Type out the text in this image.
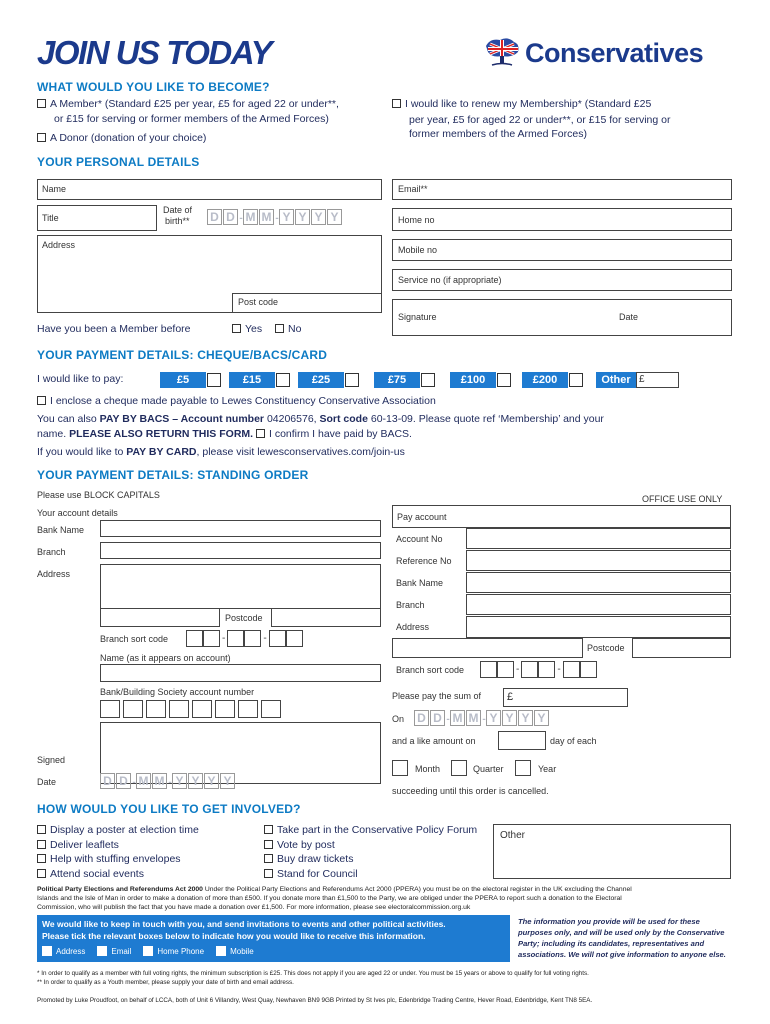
JOIN US TODAY	Conservatives
WHAT WOULD YOU LIKE TO BECOME?
A Member* (Standard £25 per year, £5 for aged 22 or under**,
or £15 for serving or former members of the Armed Forces)
A Donor (donation of your choice)
I would like to renew my Membership* (Standard £25
per year, £5 for aged 22 or under**, or £15 for serving or
former members of the Armed Forces)
YOUR PERSONAL DETAILS
Name
Title
Date of
birth** D D - M M - Y Y Y Y
Address
Post code
Have you been a Member before	Yes	No
Email**
Home no
Mobile no
Service no (if appropriate)
Signature	Date
YOUR PAYMENT DETAILS: CHEQUE/BACS/CARD
I would like to pay:	£5	£15	£25	£75	£100	£200	Other £
I enclose a cheque made payable to Lewes Constituency Conservative Association
You can also PAY BY BACS – Account number 04206576, Sort code 60-13-09. Please quote ref ‘Membership’ and your
name. PLEASE ALSO RETURN THIS FORM. I confirm I have paid by BACS.
If you would like to PAY BY CARD, please visit lewesconservatives.com/join-us
YOUR PAYMENT DETAILS: STANDING ORDER
Please use BLOCK CAPITALS
Your account details
Bank Name
Branch
Address
Postcode
Branch sort code	-	-
Name (as it appears on account)
Bank/Building Society account number
Signed
Date	D D - M M - Y Y Y Y
OFFICE USE ONLY
Pay account
Account No
Reference No
Bank Name
Branch
Address
Postcode
Branch sort code	-	-
Please pay the sum of £
On D D - M M - Y Y Y Y
and a like amount on	day of each
Month	Quarter	Year
succeeding until this order is cancelled.
HOW WOULD YOU LIKE TO GET INVOLVED?
Display a poster at election time
Deliver leaflets
Help with stuffing envelopes
Attend social events
Take part in the Conservative Policy Forum
Vote by post
Buy draw tickets
Stand for Council
Other
Political Party Elections and Referendums Act 2000 Under the Political Party Elections and Referendums Act 2000 (PPERA) you must be on the electoral register in the UK excluding the Channel
Islands and the Isle of Man in order to make a donation of more than £500. If you donate more than £1,500 to the Party, we are obliged under the PPERA to report such a donation to the Electoral
Commission, who will publish the fact that you have made a donation over £1,500. For more information, please see electoralcommission.org.uk
We would like to keep in touch with you, and send invitations to events and other political activities.
Please tick the relevant boxes below to indicate how you would like to receive this information.
Address	Email	Home Phone	Mobile
The information you provide will be used for these
purposes only, and will be used only by the Conservative
Party; including its candidates, representatives and
associations. We will not give information to anyone else.
* In order to qualify as a member with full voting rights, the minimum subscription is £25. This does not apply if you are aged 22 or under. You must be 15 years or above to qualify for full voting rights.
** In order to qualify as a Youth member, please supply your date of birth and email address.
Promoted by Luke Proudfoot, on behalf of LCCA, both of Unit 6 Villandry, West Quay, Newhaven BN9 9GB Printed by St Ives plc, Edenbridge Trading Centre, Hever Road, Edenbridge, Kent TN8 5EA.
